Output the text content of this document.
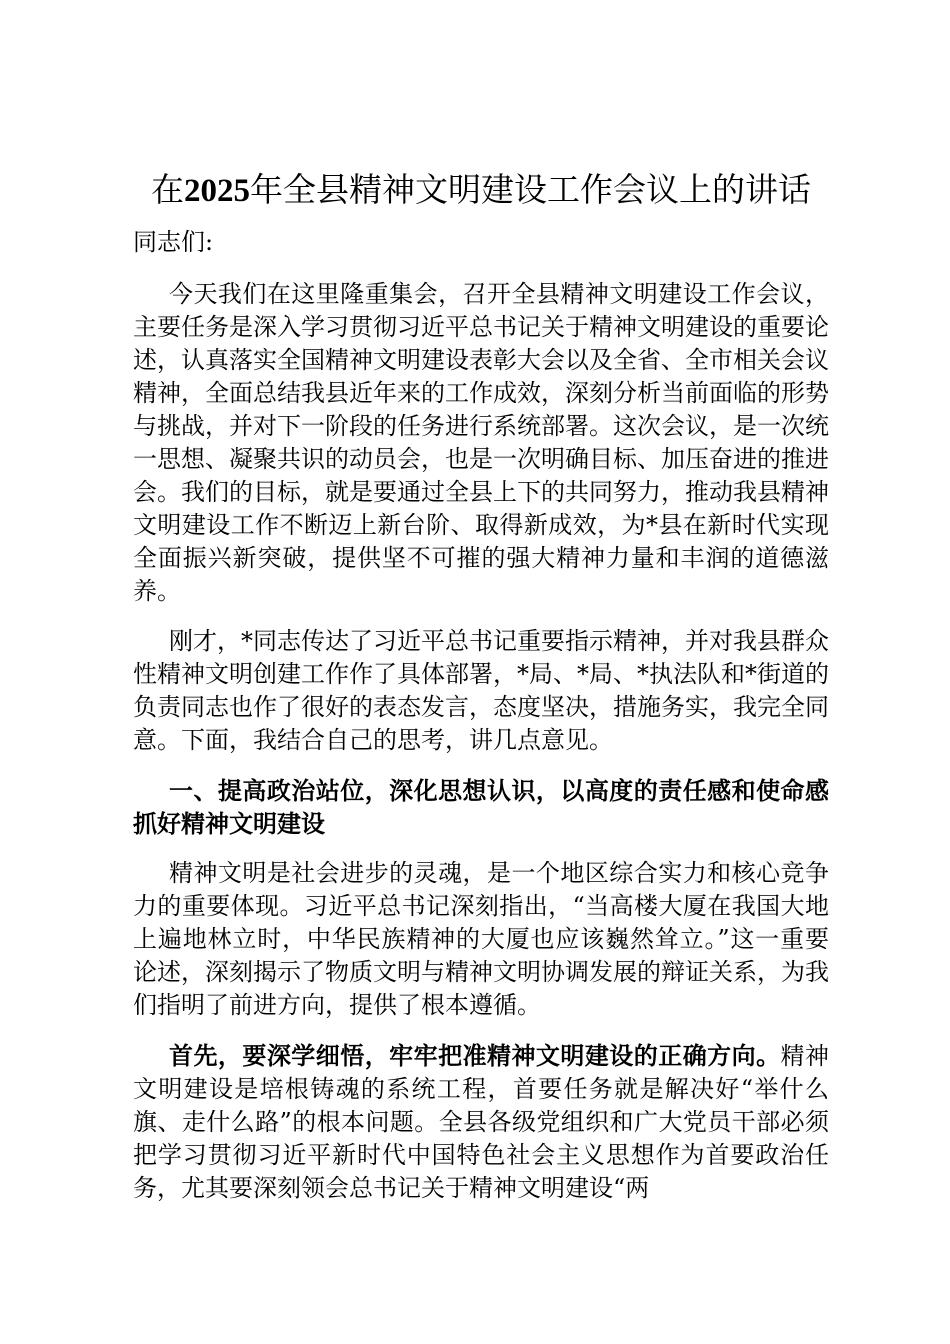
在2025年全县精神文明建设工作会议上的讲话

同志们:

今天我们在这里隆重集会，召开全县精神文明建设工作会议，主要任务是深入学习贯彻习近平总书记关于精神文明建设的重要论述，认真落实全国精神文明建设表彰大会以及全省、全市相关会议精神，全面总结我县近年来的工作成效，深刻分析当前面临的形势与挑战，并对下一阶段的任务进行系统部署。这次会议，是一次统一思想、凝聚共识的动员会，也是一次明确目标、加压奋进的推进会。我们的目标，就是要通过全县上下的共同努力，推动我县精神文明建设工作不断迈上新台阶、取得新成效，为*县在新时代实现全面振兴新突破，提供坚不可摧的强大精神力量和丰润的道德滋养。

刚才，*同志传达了习近平总书记重要指示精神，并对我县群众性精神文明创建工作作了具体部署，*局、*局、*执法队和*街道的负责同志也作了很好的表态发言，态度坚决，措施务实，我完全同意。下面，我结合自己的思考，讲几点意见。

一、提高政治站位，深化思想认识，以高度的责任感和使命感抓好精神文明建设

精神文明是社会进步的灵魂，是一个地区综合实力和核心竞争力的重要体现。习近平总书记深刻指出，“当高楼大厦在我国大地上遍地林立时，中华民族精神的大厦也应该巍然耸立。”这一重要论述，深刻揭示了物质文明与精神文明协调发展的辩证关系，为我们指明了前进方向，提供了根本遵循。

首先，要深学细悟，牢牢把准精神文明建设的正确方向。精神文明建设是培根铸魂的系统工程，首要任务就是解决好“举什么旗、走什么路”的根本问题。全县各级党组织和广大党员干部必须把学习贯彻习近平新时代中国特色社会主义思想作为首要政治任务，尤其要深刻领会总书记关于精神文明建设“两
